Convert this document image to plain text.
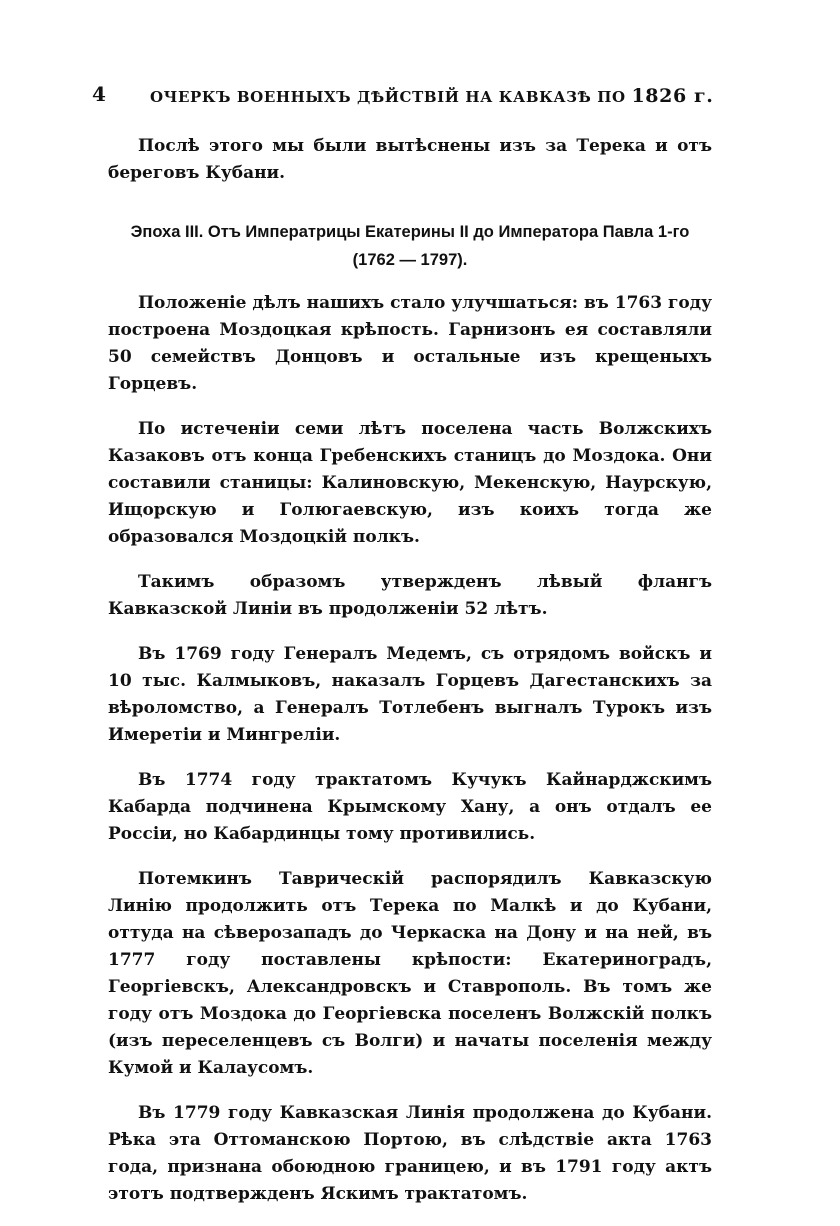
4	ОЧЕРКЪ ВОЕННЫХЪ ДѢЙСТВІЙ НА КАВКАЗѢ ПО 1826 г.

Послѣ этого мы были вытѣснены изъ за Терека и отъ береговъ Кубани.

Эпоха III. Отъ Императрицы Екатерины II до Императора Павла 1-го
(1762 — 1797).

Положеніе дѣлъ нашихъ стало улучшаться: въ 1763 году построена Моздоцкая крѣпость. Гарнизонъ ея составляли 50 семействъ Донцовъ и остальные изъ крещеныхъ Горцевъ.

По истеченіи семи лѣтъ поселена часть Волжскихъ Казаковъ отъ конца Гребенскихъ станицъ до Моздока. Они составили станицы: Калиновскую, Мекенскую, Наурскую, Ищорскую и Голюгаевскую, изъ коихъ тогда же образовался Моздоцкій полкъ.

Такимъ образомъ утвержденъ лѣвый флангъ Кавказской Линіи въ продолженіи 52 лѣтъ.

Въ 1769 году Генералъ Медемъ, съ отрядомъ войскъ и 10 тыс. Калмыковъ, наказалъ Горцевъ Дагестанскихъ за вѣроломство, а Генералъ Тотлебенъ выгналъ Турокъ изъ Имеретіи и Мингреліи.

Въ 1774 году трактатомъ Кучукъ Кайнарджскимъ Кабарда подчинена Крымскому Хану, а онъ отдалъ ее Россіи, но Кабардинцы тому противились.

Потемкинъ Таврическій распорядилъ Кавказскую Линію продолжить отъ Терека по Малкѣ и до Кубани, оттуда на сѣверозападъ до Черкаска на Дону и на ней, въ 1777 году поставлены крѣпости: Екатериноградъ, Георгіевскъ, Александровскъ и Ставрополь. Въ томъ же году отъ Моздока до Георгіевска поселенъ Волжскій полкъ (изъ переселенцевъ съ Волги) и начаты поселенія между Кумой и Калаусомъ.

Въ 1779 году Кавказская Линія продолжена до Кубани. Рѣка эта Оттоманскою Портою, въ слѣдствіе акта 1763 года, признана обоюдною границею, и въ 1791 году актъ этотъ подтвержденъ Яскимъ трактатомъ.
